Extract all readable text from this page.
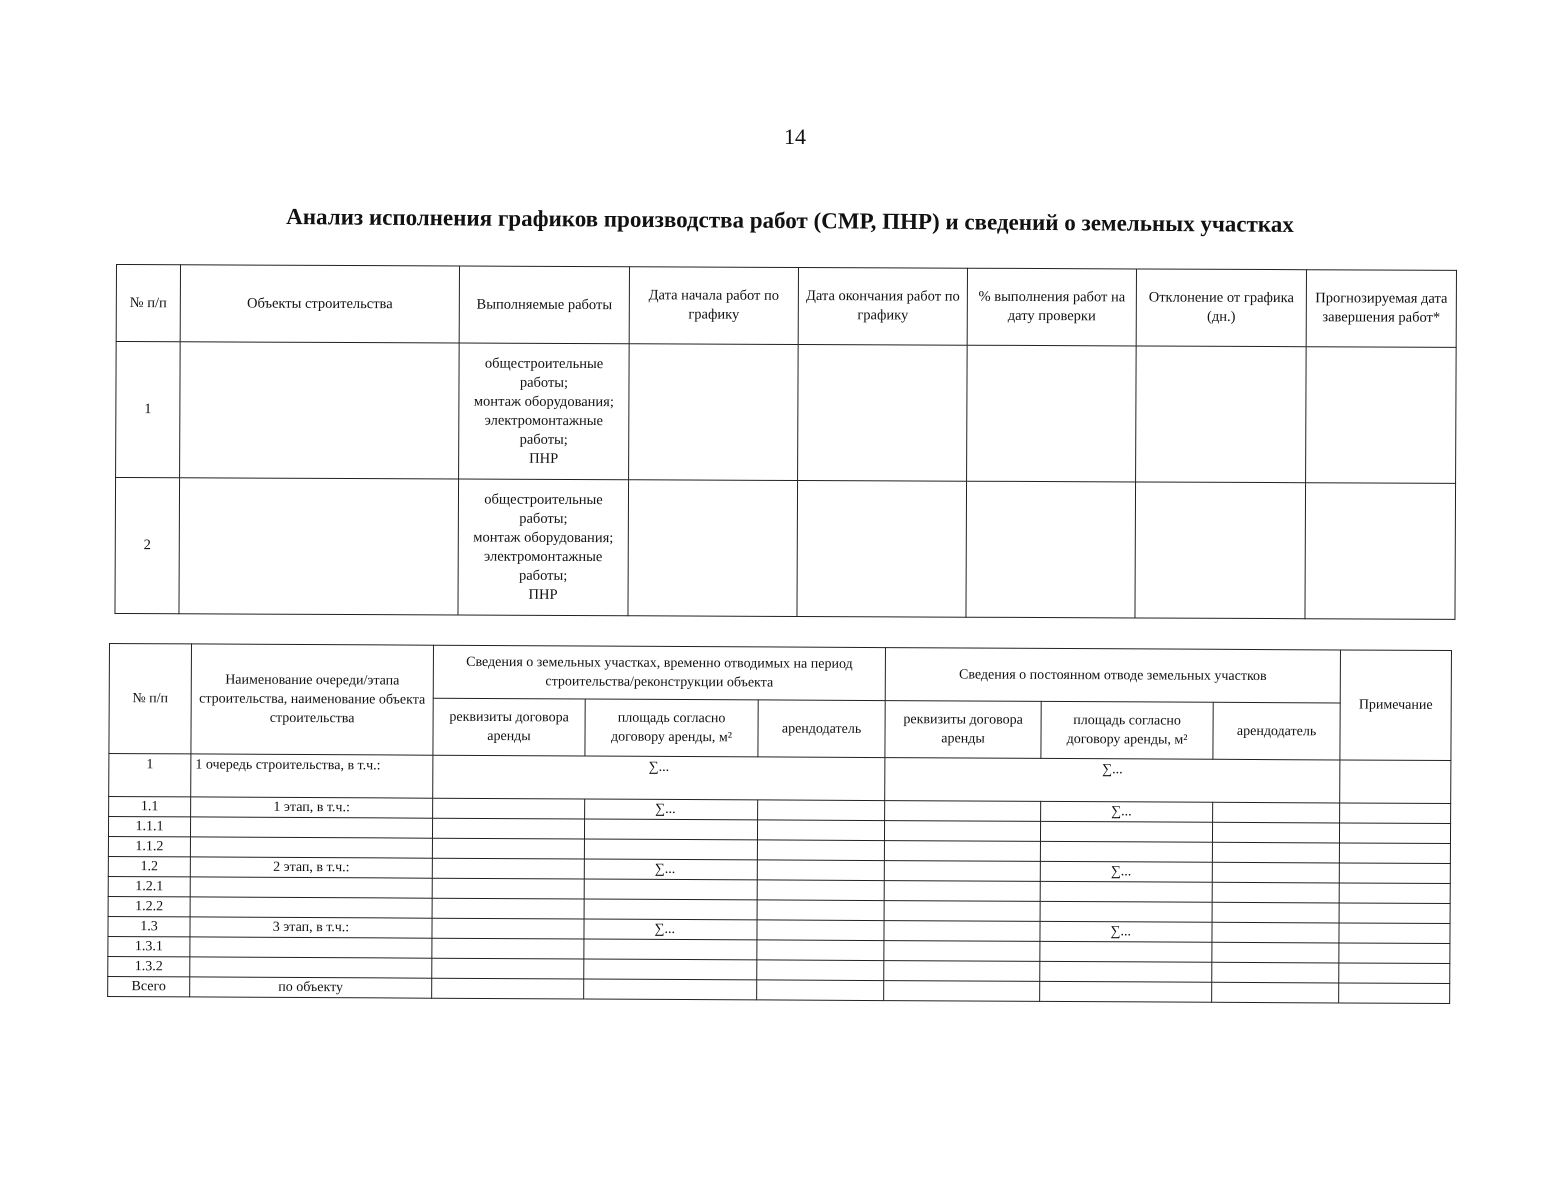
14
Анализ исполнения графиков производства работ (СМР, ПНР) и сведений о земельных участках
№ п/п	Объекты строительства	Выполняемые работы	Дата начала работ по графику	Дата окончания работ по графику	% выполнения работ на дату проверки	Отклонение от графика (дн.)	Прогнозируемая дата завершения работ*
1		общестроительные работы;
монтаж оборудования;
электромонтажные работы;
ПНР					

2		общестроительные работы;
монтаж оборудования;
электромонтажные работы;
ПНР					

№ п/п	Наименование очереди/этапа строительства, наименование объекта строительства	Сведения о земельных участках, временно отводимых на период строительства/реконструкции объекта			Сведения о постоянном отводе земельных участков			Примечание
		реквизиты договора аренды	площадь согласно договору аренды, м²	арендодатель	реквизиты договора аренды	площадь согласно договору аренды, м²	арендодатель	
1	1 очередь строительства, в т.ч.:	∑...			∑...			
1.1	1 этап, в т.ч.:		∑...			∑...		
1.1.1								
1.1.2								
1.2	2 этап, в т.ч.:		∑...			∑...		
1.2.1								
1.2.2								
1.3	3 этап, в т.ч.:		∑...			∑...		
1.3.1								
1.3.2								
Всего	по объекту							
